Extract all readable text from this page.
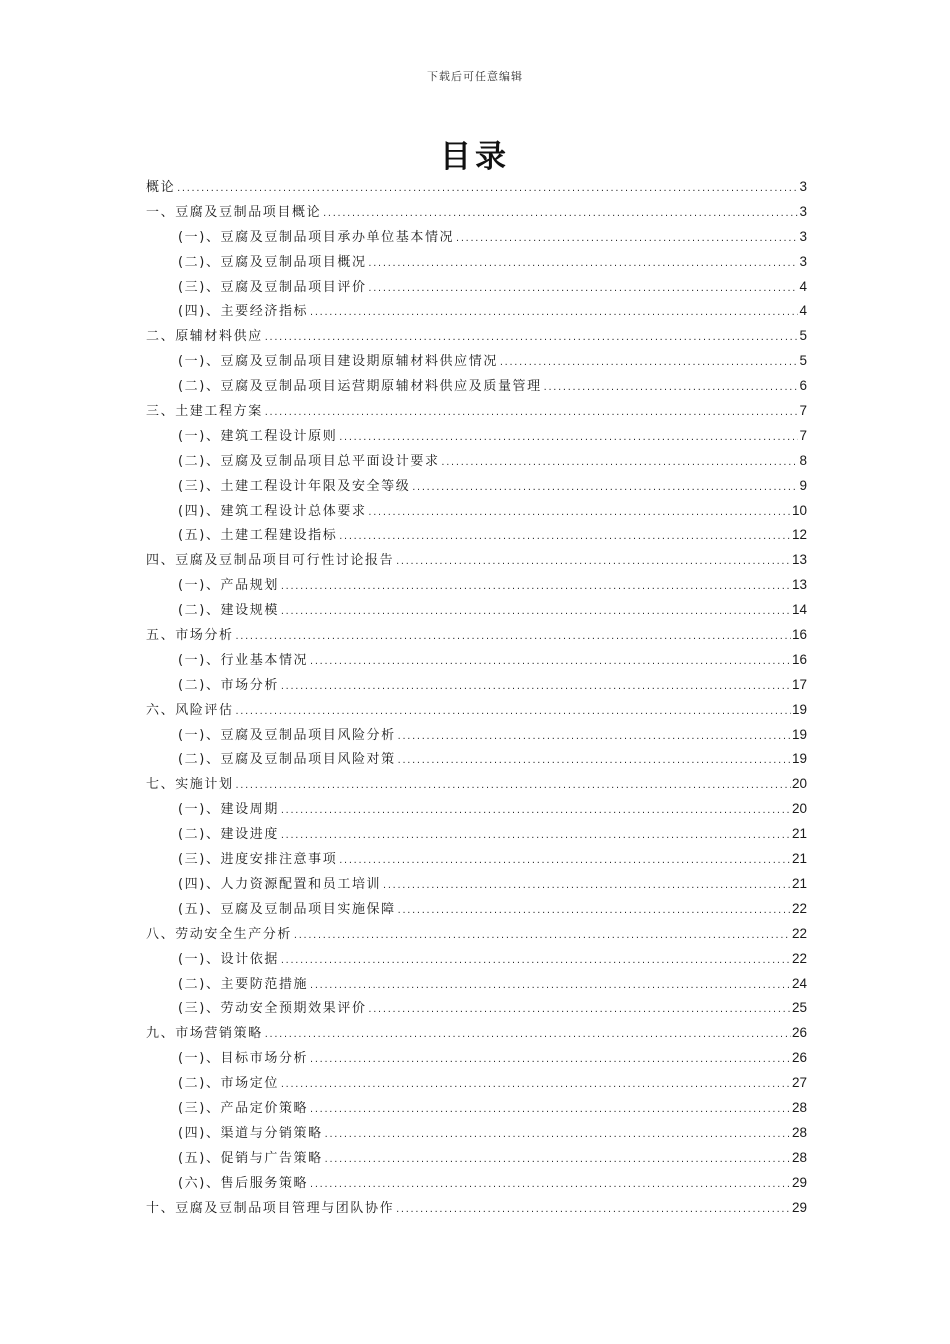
下载后可任意编辑
目录
概论 .....	3
一、豆腐及豆制品项目概论 .....	3
(一)、豆腐及豆制品项目承办单位基本情况 .....	3
(二)、豆腐及豆制品项目概况 .....	3
(三)、豆腐及豆制品项目评价 .....	4
(四)、主要经济指标 .....	4
二、原辅材料供应 .....	5
(一)、豆腐及豆制品项目建设期原辅材料供应情况 .....	5
(二)、豆腐及豆制品项目运营期原辅材料供应及质量管理 .....	6
三、土建工程方案 .....	7
(一)、建筑工程设计原则 .....	7
(二)、豆腐及豆制品项目总平面设计要求 .....	8
(三)、土建工程设计年限及安全等级 .....	9
(四)、建筑工程设计总体要求 .....	10
(五)、土建工程建设指标 .....	12
四、豆腐及豆制品项目可行性讨论报告 .....	13
(一)、产品规划 .....	13
(二)、建设规模 .....	14
五、市场分析 .....	16
(一)、行业基本情况 .....	16
(二)、市场分析 .....	17
六、风险评估 .....	19
(一)、豆腐及豆制品项目风险分析 .....	19
(二)、豆腐及豆制品项目风险对策 .....	19
七、实施计划 .....	20
(一)、建设周期 .....	20
(二)、建设进度 .....	21
(三)、进度安排注意事项 .....	21
(四)、人力资源配置和员工培训 .....	21
(五)、豆腐及豆制品项目实施保障 .....	22
八、劳动安全生产分析 .....	22
(一)、设计依据 .....	22
(二)、主要防范措施 .....	24
(三)、劳动安全预期效果评价 .....	25
九、市场营销策略 .....	26
(一)、目标市场分析 .....	26
(二)、市场定位 .....	27
(三)、产品定价策略 .....	28
(四)、渠道与分销策略 .....	28
(五)、促销与广告策略 .....	28
(六)、售后服务策略 .....	29
十、豆腐及豆制品项目管理与团队协作 .....	29
